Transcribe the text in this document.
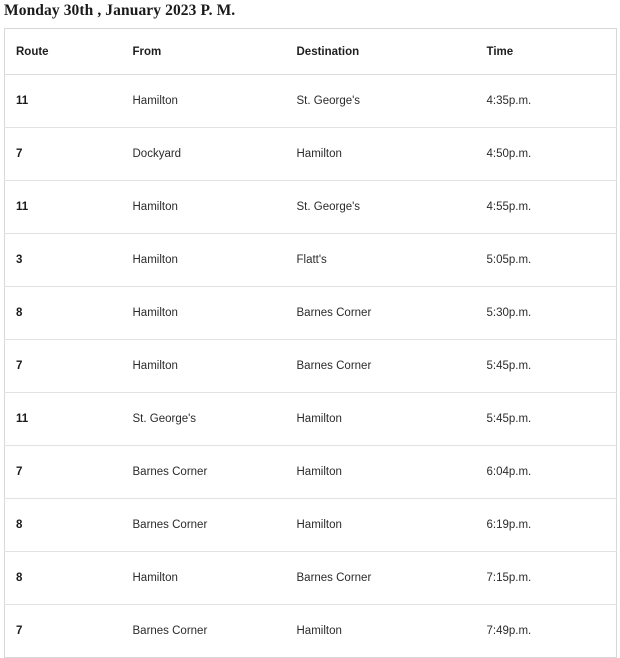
Monday 30th , January 2023 P. M.
Route	From	Destination	Time
11	Hamilton	St. George's	4:35p.m.
7	Dockyard	Hamilton	4:50p.m.
11	Hamilton	St. George's	4:55p.m.
3	Hamilton	Flatt's	5:05p.m.
8	Hamilton	Barnes Corner	5:30p.m.
7	Hamilton	Barnes Corner	5:45p.m.
11	St. George's	Hamilton	5:45p.m.
7	Barnes Corner	Hamilton	6:04p.m.
8	Barnes Corner	Hamilton	6:19p.m.
8	Hamilton	Barnes Corner	7:15p.m.
7	Barnes Corner	Hamilton	7:49p.m.
